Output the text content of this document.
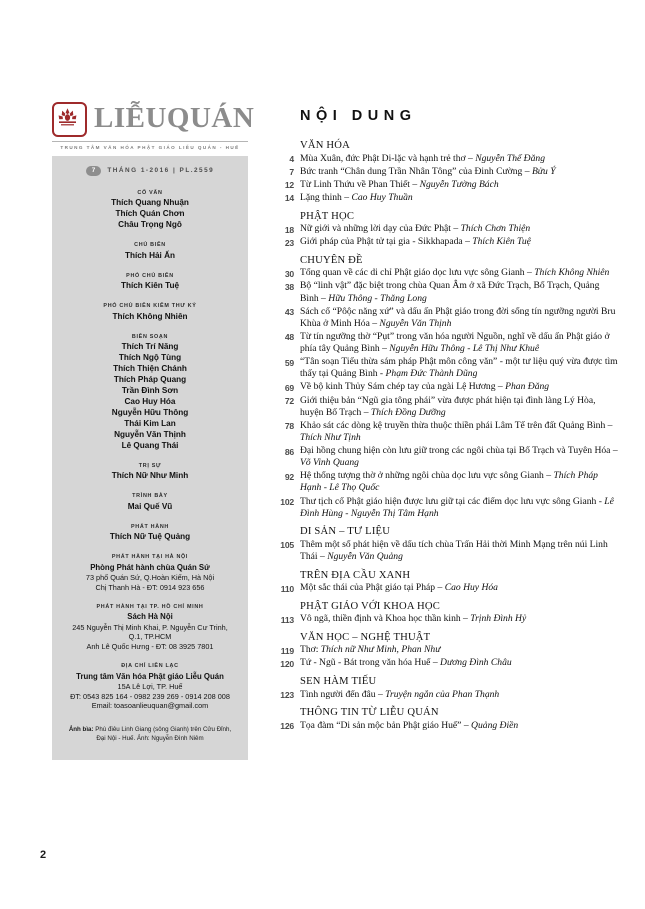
LIỄUQUÁN
TRUNG TÂM VĂN HÓA PHẬT GIÁO LIỄU QUÁN - HUẾ
7	THÁNG 1-2016 | PL.2559
CỐ VẤN
Thích Quang Nhuận
Thích Quán Chơn
Châu Trọng Ngô
CHỦ BIÊN
Thích Hải Ấn
PHÓ CHỦ BIÊN
Thích Kiên Tuệ
PHÓ CHỦ BIÊN KIÊM THƯ KÝ
Thích Không Nhiên
BIÊN SOẠN
Thích Trí Năng
Thích Ngộ Tùng
Thích Thiện Chánh
Thích Pháp Quang
Trần Đình Sơn
Cao Huy Hóa
Nguyễn Hữu Thông
Thái Kim Lan
Nguyễn Văn Thịnh
Lê Quang Thái
TRỊ SỰ
Thích Nữ Như Minh
TRÌNH BÀY
Mai Quế Vũ
PHÁT HÀNH
Thích Nữ Tuệ Quảng
PHÁT HÀNH TẠI HÀ NỘI
Phòng Phát hành chùa Quán Sứ
73 phố Quán Sứ, Q.Hoàn Kiếm, Hà Nội
Chị Thanh Hà - ĐT: 0914 923 656
PHÁT HÀNH TẠI TP. HỒ CHÍ MINH
Sách Hà Nội
245 Nguyễn Thị Minh Khai, P. Nguyễn Cư Trinh,
Q.1, TP.HCM
Anh Lê Quốc Hưng - ĐT: 08 3925 7801
ĐỊA CHỈ LIÊN LẠC
Trung tâm Văn hóa Phật giáo Liễu Quán
15A Lê Lợi, TP. Huế
ĐT: 0543 825 164 - 0982 239 269 - 0914 208 008
Email: toasoanlieuquan@gmail.com
Ảnh bìa: Phù điêu Linh Giang (sông Gianh) trên Cửu Đỉnh, Đại Nội - Huế. Ảnh: Nguyễn Đình Niêm
NỘI DUNG
VĂN HÓA
4 Mùa Xuân, đức Phật Di-lặc và hạnh trẻ thơ – Nguyễn Thế Đăng
7 Bức tranh “Chân dung Trần Nhân Tông” của Đinh Cường – Bửu Ý
12 Từ Linh Thứu về Phan Thiết – Nguyễn Tường Bách
14 Lặng thinh – Cao Huy Thuần
PHẬT HỌC
18 Nữ giới và những lời dạy của Đức Phật – Thích Chơn Thiện
23 Giới pháp của Phật tử tại gia - Sikkhapada – Thích Kiên Tuệ
CHUYÊN ĐỀ
30 Tổng quan về các di chỉ Phật giáo dọc lưu vực sông Gianh – Thích Không Nhiên
38 Bộ “linh vật” đặc biệt trong chùa Quan Âm ở xã Đức Trạch, Bố Trạch, Quảng Bình – Hữu Thông - Thăng Long
43 Sách cổ “Pôộc năng xứ” và dấu ấn Phật giáo trong đời sống tín ngưỡng người Bru Khùa ở Minh Hóa – Nguyễn Văn Thịnh
48 Từ tín ngưỡng thờ “Pụt” trong văn hóa người Nguồn, nghĩ về dấu ấn Phật giáo ở phía tây Quảng Bình – Nguyễn Hữu Thông - Lê Thị Như Khuê
59 “Tân soạn Tiểu thừa sám pháp Phật môn công văn” - một tư liệu quý vừa được tìm thấy tại Quảng Bình - Phạm Đức Thành Dũng
69 Về bộ kinh Thủy Sám chép tay của ngài Lệ Hương – Phan Đăng
72 Giới thiệu bản “Ngũ gia tông phái” vừa được phát hiện tại đình làng Lý Hòa, huyện Bố Trạch – Thích Đồng Dưỡng
78 Khảo sát các dòng kệ truyền thừa thuộc thiền phái Lâm Tế trên đất Quảng Bình – Thích Như Tịnh
86 Đại hồng chung hiện còn lưu giữ trong các ngôi chùa tại Bố Trạch và Tuyên Hóa – Võ Vinh Quang
92 Hệ thống tượng thờ ở những ngôi chùa dọc lưu vực sông Gianh – Thích Pháp Hạnh - Lê Thọ Quốc
102 Thư tịch cổ Phật giáo hiện được lưu giữ tại các điểm dọc lưu vực sông Gianh - Lê Đình Hùng - Nguyễn Thị Tâm Hạnh
DI SẢN – TƯ LIỆU
105 Thêm một số phát hiện về dấu tích chùa Trấn Hải thời Minh Mạng trên núi Linh Thái – Nguyễn Văn Quảng
TRÊN ĐỊA CẦU XANH
110 Một sắc thái của Phật giáo tại Pháp – Cao Huy Hóa
PHẬT GIÁO VỚI KHOA HỌC
113 Vô ngã, thiền định và Khoa học thần kinh – Trịnh Đình Hỷ
VĂN HỌC – NGHỆ THUẬT
119 Thơ: Thích nữ Như Minh, Phan Như
120 Tứ - Ngũ - Bát trong văn hóa Huế – Dương Đình Châu
SEN HÀM TIẾU
123 Tình người đến đâu – Truyện ngắn của Phan Thạnh
THÔNG TIN TỪ LIỄU QUÁN
126 Tọa đàm “Di sản mộc bản Phật giáo Huế” – Quảng Điền
2
